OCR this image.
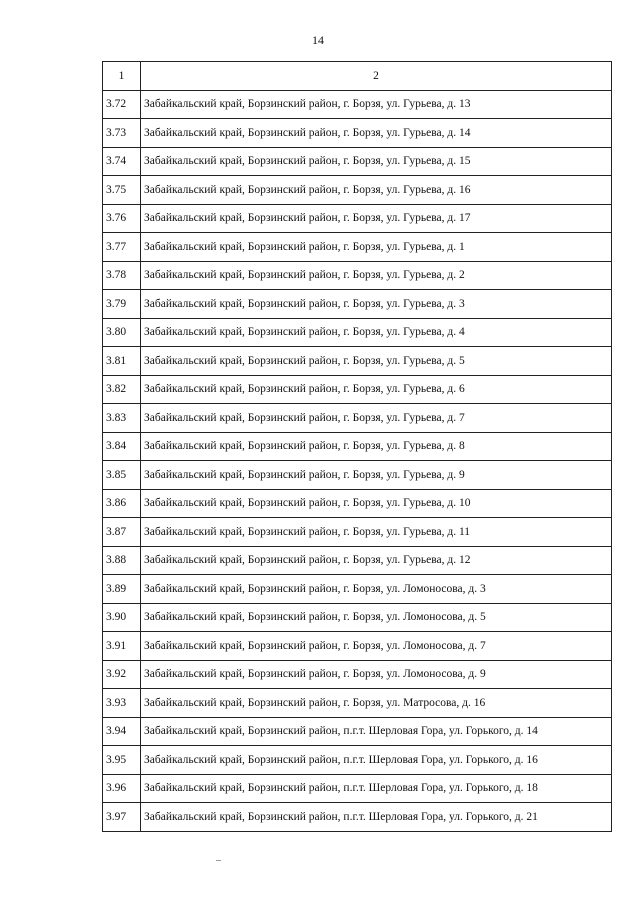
14
1	2
3.72	Забайкальский край, Борзинский район, г. Борзя, ул. Гурьева, д. 13
3.73	Забайкальский край, Борзинский район, г. Борзя, ул. Гурьева, д. 14
3.74	Забайкальский край, Борзинский район, г. Борзя, ул. Гурьева, д. 15
3.75	Забайкальский край, Борзинский район, г. Борзя, ул. Гурьева, д. 16
3.76	Забайкальский край, Борзинский район, г. Борзя, ул. Гурьева, д. 17
3.77	Забайкальский край, Борзинский район, г. Борзя, ул. Гурьева, д. 1
3.78	Забайкальский край, Борзинский район, г. Борзя, ул. Гурьева, д. 2
3.79	Забайкальский край, Борзинский район, г. Борзя, ул. Гурьева, д. 3
3.80	Забайкальский край, Борзинский район, г. Борзя, ул. Гурьева, д. 4
3.81	Забайкальский край, Борзинский район, г. Борзя, ул. Гурьева, д. 5
3.82	Забайкальский край, Борзинский район, г. Борзя, ул. Гурьева, д. 6
3.83	Забайкальский край, Борзинский район, г. Борзя, ул. Гурьева, д. 7
3.84	Забайкальский край, Борзинский район, г. Борзя, ул. Гурьева, д. 8
3.85	Забайкальский край, Борзинский район, г. Борзя, ул. Гурьева, д. 9
3.86	Забайкальский край, Борзинский район, г. Борзя, ул. Гурьева, д. 10
3.87	Забайкальский край, Борзинский район, г. Борзя, ул. Гурьева, д. 11
3.88	Забайкальский край, Борзинский район, г. Борзя, ул. Гурьева, д. 12
3.89	Забайкальский край, Борзинский район, г. Борзя, ул. Ломоносова, д. 3
3.90	Забайкальский край, Борзинский район, г. Борзя, ул. Ломоносова, д. 5
3.91	Забайкальский край, Борзинский район, г. Борзя, ул. Ломоносова, д. 7
3.92	Забайкальский край, Борзинский район, г. Борзя, ул. Ломоносова, д. 9
3.93	Забайкальский край, Борзинский район, г. Борзя, ул. Матросова, д. 16
3.94	Забайкальский край, Борзинский район, п.г.т. Шерловая Гора, ул. Горького, д. 14
3.95	Забайкальский край, Борзинский район, п.г.т. Шерловая Гора, ул. Горького, д. 16
3.96	Забайкальский край, Борзинский район, п.г.т. Шерловая Гора, ул. Горького, д. 18
3.97	Забайкальский край, Борзинский район, п.г.т. Шерловая Гора, ул. Горького, д. 21
